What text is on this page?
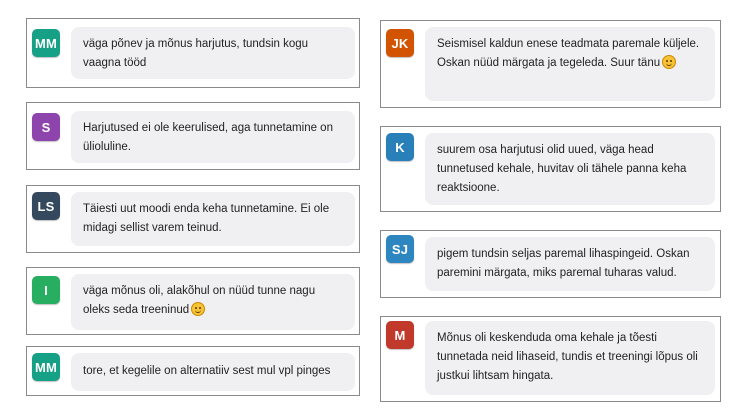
MM	väga põnev ja mõnus harjutus, tundsin kogu vaagna tööd
S	Harjutused ei ole keerulised, aga tunnetamine on ülioluline.
LS	Täiesti uut moodi enda keha tunnetamine. Ei ole midagi sellist varem teinud.
I	väga mõnus oli, alakõhul on nüüd tunne nagu oleks seda treeninud
MM	tore, et kegelile on alternatiiv sest mul vpl pinges
JK	Seismisel kaldun enese teadmata paremale küljele. Oskan nüüd märgata ja tegeleda. Suur tänu
K	suurem osa harjutusi olid uued, väga head tunnetused kehale, huvitav oli tähele panna keha reaktsioone.
SJ	pigem tundsin seljas paremal lihaspingeid. Oskan paremini märgata, miks paremal tuharas valud.
M	Mõnus oli keskenduda oma kehale ja tõesti tunnetada neid lihaseid, tundis et treeningi lõpus oli justkui lihtsam hingata.
